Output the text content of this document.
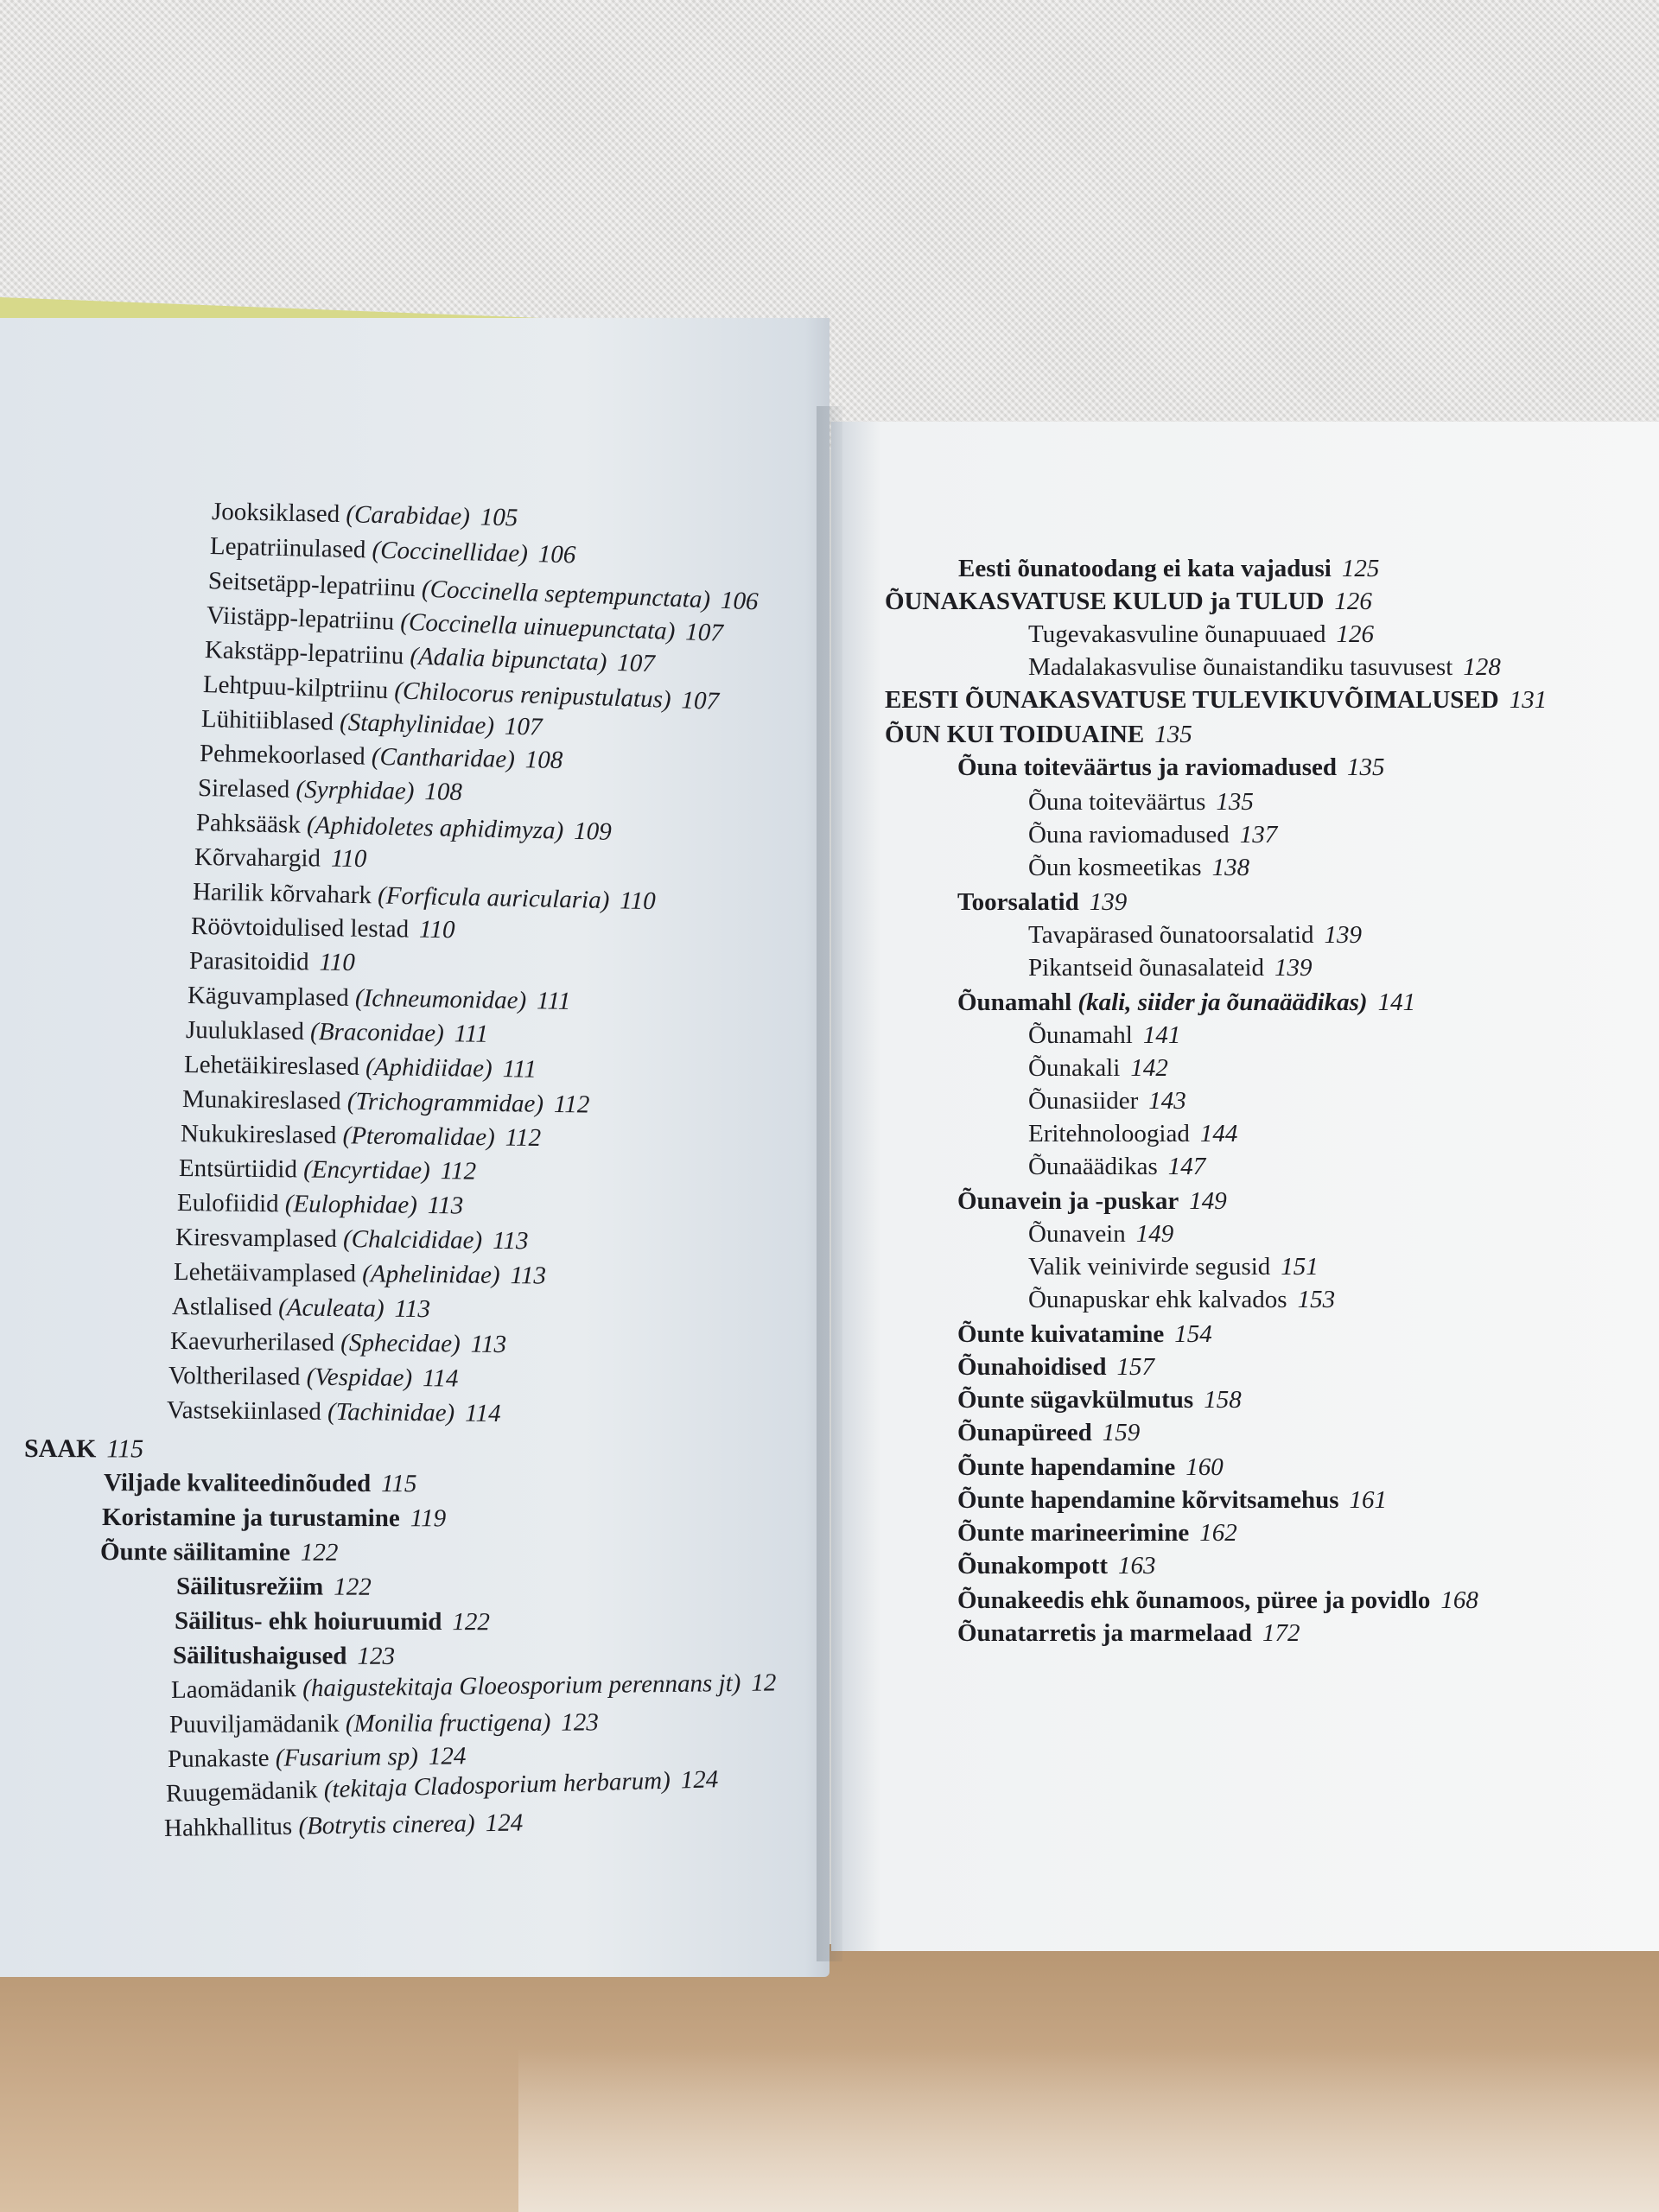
Jooksiklased (Carabidae) 105
Lepatriinulased (Coccinellidae) 106
Seitsetäpp-lepatriinu (Coccinella septempunctata) 106
Viistäpp-lepatriinu (Coccinella uinuepunctata) 107
Kakstäpp-lepatriinu (Adalia bipunctata) 107
Lehtpuu-kilptriinu (Chilocorus renipustulatus) 107
Lühitiiblased (Staphylinidae) 107
Pehmekoorlased (Cantharidae) 108
Sirelased (Syrphidae) 108
Pahksääsk (Aphidoletes aphidimyza) 109
Kõrvahargid 110
Harilik kõrvahark (Forficula auricularia) 110
Röövtoidulised lestad 110
Parasitoidid 110
Käguvamplased (Ichneumonidae) 111
Juuluklased (Braconidae) 111
Lehetäikireslased (Aphidiidae) 111
Munakireslased (Trichogrammidae) 112
Nukukireslased (Pteromalidae) 112
Entsürtiidid (Encyrtidae) 112
Eulofiidid (Eulophidae) 113
Kiresvamplased (Chalcididae) 113
Lehetäivamplased (Aphelinidae) 113
Astlalised (Aculeata) 113
Kaevurherilased (Sphecidae) 113
Voltherilased (Vespidae) 114
Vastsekiinlased (Tachinidae) 114
SAAK 115
Viljade kvaliteedinõuded 115
Koristamine ja turustamine 119
Õunte säilitamine 122
Säilitusrežiim 122
Säilitus- ehk hoiuruumid 122
Säilitushaigused 123
Laomädanik (haigustekitaja Gloeosporium perennans jt) 12
Puuviljamädanik (Monilia fructigena) 123
Punakaste (Fusarium sp) 124
Ruugemädanik (tekitaja Cladosporium herbarum) 124
Hahkhallitus (Botrytis cinerea) 124
Eesti õunatoodang ei kata vajadusi 125
ÕUNAKASVATUSE KULUD ja TULUD 126
Tugevakasvuline õunapuuaed 126
Madalakasvulise õunaistandiku tasuvusest 128
EESTI ÕUNAKASVATUSE TULEVIKUVÕIMALUSED 131
ÕUN KUI TOIDUAINE 135
Õuna toiteväärtus ja raviomadused 135
Õuna toiteväärtus 135
Õuna raviomadused 137
Õun kosmeetikas 138
Toorsalatid 139
Tavapärased õunatoorsalatid 139
Pikantseid õunasalateid 139
Õunamahl (kali, siider ja õunaäädikas) 141
Õunamahl 141
Õunakali 142
Õunasiider 143
Eritehnoloogiad 144
Õunaäädikas 147
Õunavein ja -puskar 149
Õunavein 149
Valik veinivirde segusid 151
Õunapuskar ehk kalvados 153
Õunte kuivatamine 154
Õunahoidised 157
Õunte sügavkülmutus 158
Õunapüreed 159
Õunte hapendamine 160
Õunte hapendamine kõrvitsamehus 161
Õunte marineerimine 162
Õunakompott 163
Õunakeedis ehk õunamoos, püree ja povidlo 168
Õunatarretis ja marmelaad 172
